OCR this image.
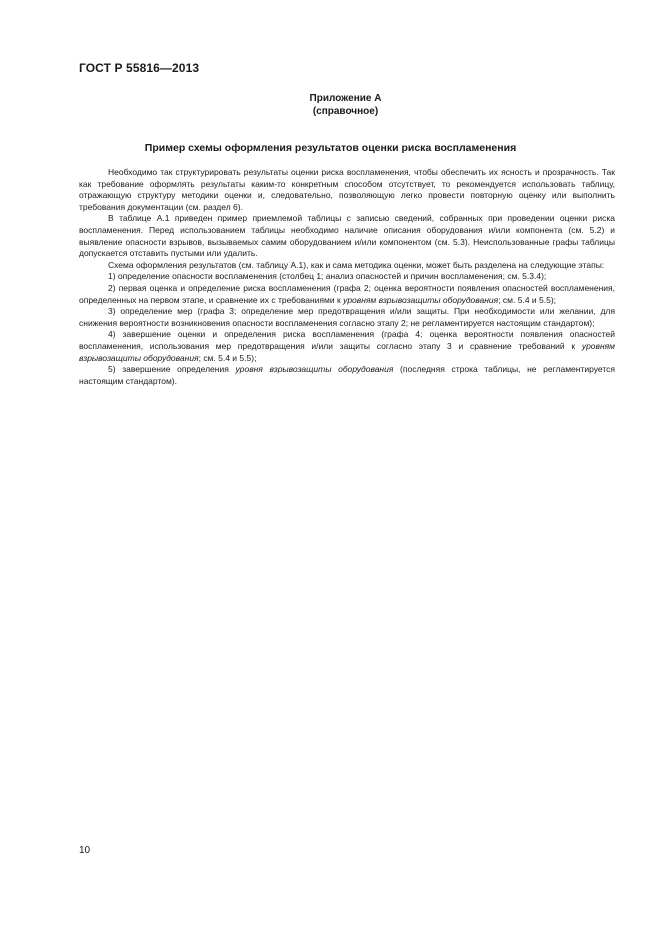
ГОСТ Р 55816—2013
Приложение А
(справочное)
Пример схемы оформления результатов оценки риска воспламенения

Необходимо так структурировать результаты оценки риска воспламенения, чтобы обеспечить их ясность и прозрачность. Так как требование оформлять результаты каким-то конкретным способом отсутствует, то рекомендуется использовать таблицу, отражающую структуру методики оценки и, следовательно, позволяющую легко провести повторную оценку или выполнить требования документации (см. раздел 6).

В таблице А.1 приведен пример приемлемой таблицы с записью сведений, собранных при проведении оценки риска воспламенения. Перед использованием таблицы необходимо наличие описания оборудования и/или компонента (см. 5.2) и выявление опасности взрывов, вызываемых самим оборудованием и/или компонентом (см. 5.3). Неиспользованные графы таблицы допускается отставить пустыми или удалить.

Схема оформления результатов (см. таблицу А.1), как и сама методика оценки, может быть разделена на следующие этапы:

1) определение опасности воспламенения (столбец 1; анализ опасностей и причин воспламенения; см. 5.3.4);

2) первая оценка и определение риска воспламенения (графа 2; оценка вероятности появления опасностей воспламенения, определенных на первом этапе, и сравнение их с требованиями к уровням взрывозащиты оборудования; см. 5.4 и 5.5);

3) определение мер (графа 3; определение мер предотвращения и/или защиты. При необходимости или желании, для снижения вероятности возникновения опасности воспламенения согласно этапу 2; не регламентируется настоящим стандартом);

4) завершение оценки и определения риска воспламенения (графа 4; оценка вероятности появления опасностей воспламенения, использования мер предотвращения и/или защиты согласно этапу 3 и сравнение требований к уровням взрывозащиты оборудования; см. 5.4 и 5.5);

5) завершение определения уровня взрывозащиты оборудования (последняя строка таблицы, не регламентируется настоящим стандартом).

10
